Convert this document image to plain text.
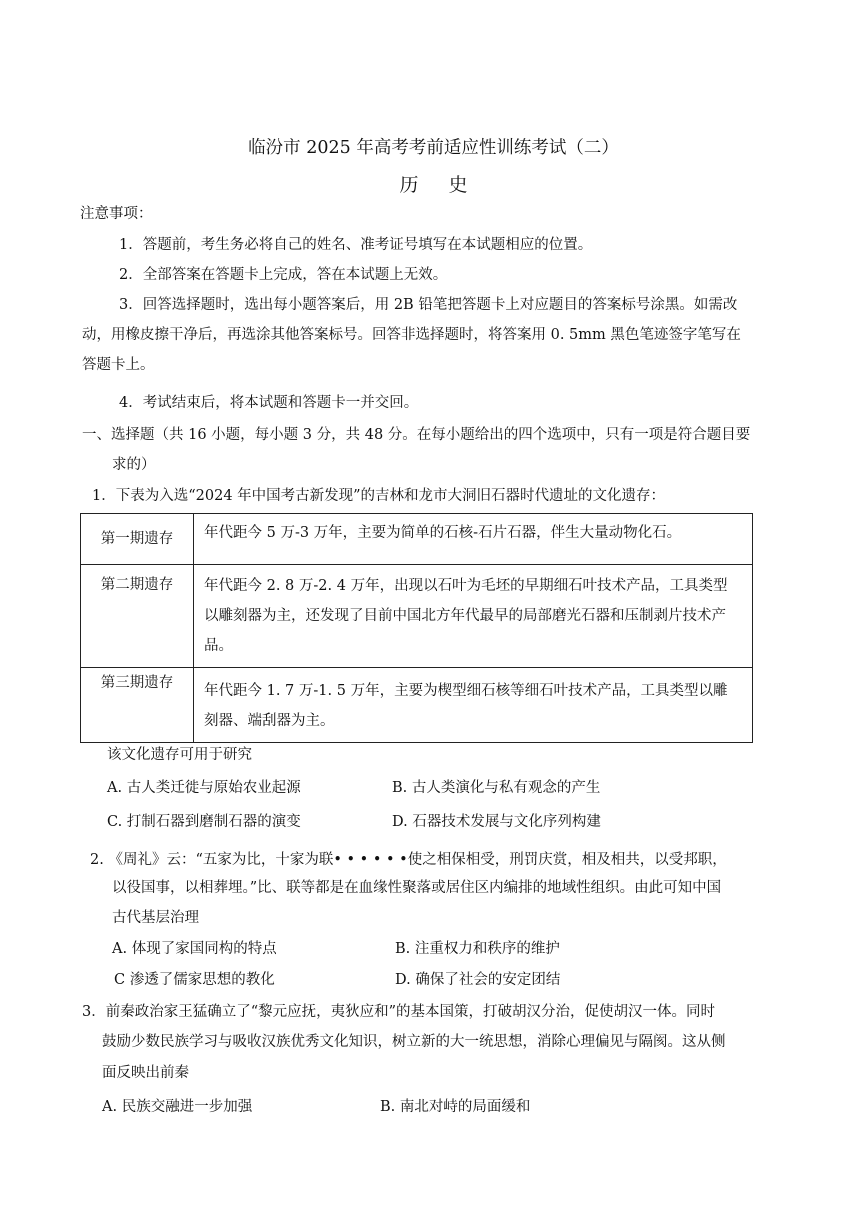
临汾市 2025 年高考考前适应性训练考试（二）
历史
注意事项：
1．答题前，考生务必将自己的姓名、准考证号填写在本试题相应的位置。
2．全部答案在答题卡上完成，答在本试题上无效。
3．回答选择题时，选出每小题答案后，用 2B 铅笔把答题卡上对应题目的答案标号涂黑。如需改
动，用橡皮擦干净后，再选涂其他答案标号。回答非选择题时，将答案用 0. 5mm 黑色笔迹签字笔写在
答题卡上。
4．考试结束后，将本试题和答题卡一并交回。
一、选择题（共 16 小题，每小题 3 分，共 48 分。在每小题给出的四个选项中，只有一项是符合题目要
求的）
1．下表为入选“2024 年中国考古新发现”的吉林和龙市大洞旧石器时代遗址的文化遗存：
第一期遗存	年代距今 5 万-3 万年，主要为简单的石核-石片石器，伴生大量动物化石。
第二期遗存	年代距今 2. 8 万-2. 4 万年，出现以石叶为毛坯的早期细石叶技术产品，工具类型以雕刻器为主，还发现了目前中国北方年代最早的局部磨光石器和压制剥片技术产品。
第三期遗存	年代距今 1. 7 万-1. 5 万年，主要为楔型细石核等细石叶技术产品，工具类型以雕刻器、端刮器为主。
该文化遗存可用于研究
A. 古人类迁徙与原始农业起源	B. 古人类演化与私有观念的产生
C. 打制石器到磨制石器的演变	D. 石器技术发展与文化序列构建
2. 《周礼》云：“五家为比，十家为联• • • • • •使之相保相受，刑罚庆赏，相及相共，以受邦职，
以役国事，以相葬埋。”比、联等都是在血缘性聚落或居住区内编排的地域性组织。由此可知中国
古代基层治理
A. 体现了家国同构的特点	B. 注重权力和秩序的维护
C 渗透了儒家思想的教化	D. 确保了社会的安定团结
3．前秦政治家王猛确立了“黎元应抚，夷狄应和”的基本国策，打破胡汉分治，促使胡汉一体。同时
鼓励少数民族学习与吸收汉族优秀文化知识，树立新的大一统思想，消除心理偏见与隔阂。这从侧
面反映出前秦
A. 民族交融进一步加强	B. 南北对峙的局面缓和
